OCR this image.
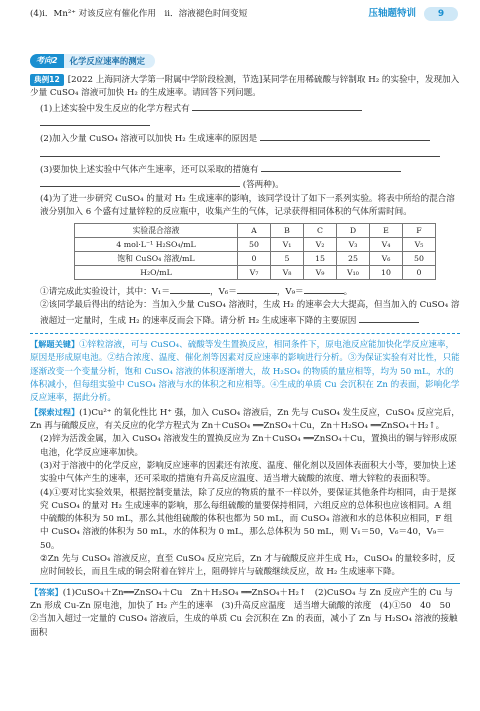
(4)ⅰ．Mn²⁺ 对该反应有催化作用　ⅱ．溶液褪色时间变短	压轴题特训	9
考向2	化学反应速率的测定

典例12 [2022 上海同济大学第一附属中学阶段检测，节选]某同学在用稀硫酸与锌制取 H₂ 的实验中，发现加入少量 CuSO₄ 溶液可加快 H₂ 的生成速率。请回答下列问题。

(1)上述实验中发生反应的化学方程式有

(2)加入少量 CuSO₄ 溶液可以加快 H₂ 生成速率的原因是

(3)要加快上述实验中气体产生速率，还可以采取的措施有
(答两种)。

(4)为了进一步研究 CuSO₄ 的量对 H₂ 生成速率的影响，该同学设计了如下一系列实验。将表中所给的混合溶液分别加入 6 个盛有过量锌粒的反应瓶中，收集产生的气体，记录获得相同体积的气体所需时间。

实验混合溶液	A	B	C	D	E	F
4 mol·L⁻¹ H₂SO₄/mL	50	V₁	V₂	V₃	V₄	V₅
饱和 CuSO₄ 溶液/mL	0	5	15	25	V₆	50
H₂O/mL	V₇	V₈	V₉	V₁₀	10	0

①请完成此实验设计，其中：V₁＝	，V₆＝	，V₉＝	。

②该同学最后得出的结论为：当加入少量 CuSO₄ 溶液时，生成 H₂ 的速率会大大提高，但当加入的 CuSO₄ 溶液超过一定量时，生成 H₂ 的速率反而会下降。请分析 H₂ 生成速率下降的主要原因

【解题关键】①锌粒溶液，可与 CuSO₄、硫酸等发生置换反应，相同条件下，原电池反应能加快化学反应速率，原因是形成原电池。②结合浓度、温度、催化剂等因素对反应速率的影响进行分析。③为保证实验有对比性，只能逐渐改变一个变量分析，饱和 CuSO₄ 溶液的体积逐渐增大，故 H₂SO₄ 的物质的量应相等，均为 50 mL，水的体积减小，但每组实验中 CuSO₄ 溶液与水的体积之和应相等。④生成的单质 Cu 会沉积在 Zn 的表面，影响化学反应速率，据此分析。

【探索过程】(1)Cu²⁺ 的氧化性比 H⁺ 强，加入 CuSO₄ 溶液后，Zn 先与 CuSO₄ 发生反应，CuSO₄ 反应完后，Zn 再与硫酸反应，有关反应的化学方程式为 Zn＋CuSO₄ ══ZnSO₄＋Cu，Zn＋H₂SO₄ ══ZnSO₄＋H₂↑。

(2)锌为活泼金属，加入 CuSO₄ 溶液发生的置换反应为 Zn＋CuSO₄ ══ZnSO₄＋Cu，置换出的铜与锌形成原电池，化学反应速率加快。

(3)对于溶液中的化学反应，影响反应速率的因素还有浓度、温度、催化剂以及固体表面积大小等，要加快上述实验中气体产生的速率，还可采取的措施有升高反应温度、适当增大硫酸的浓度、增大锌粒的表面积等。

(4)①要对比实验效果，根据控制变量法，除了反应的物质的量不一样以外，要保证其他条件均相同，由于是探究 CuSO₄ 的量对 H₂ 生成速率的影响，那么每组硫酸的量要保持相同，六组反应的总体积也应该相同。A 组中硫酸的体积为 50 mL，那么其他组硫酸的体积也都为 50 mL，而 CuSO₄ 溶液和水的总体积应相同，F 组中 CuSO₄ 溶液的体积为 50 mL，水的体积为 0 mL，那么总体积为 50 mL，则 V₁＝50，V₆＝40，V₉＝50。

②Zn 先与 CuSO₄ 溶液反应，直至 CuSO₄ 反应完后，Zn 才与硫酸反应并生成 H₂，CuSO₄ 的量较多时，反应时间较长，而且生成的铜会附着在锌片上，阻碍锌片与硫酸继续反应，故 H₂ 生成速率下降。

【答案】(1)CuSO₄＋Zn══ZnSO₄＋Cu　Zn＋H₂SO₄ ══ZnSO₄＋H₂↑　(2)CuSO₄ 与 Zn 反应产生的 Cu 与 Zn 形成 Cu-Zn 原电池，加快了 H₂ 产生的速率　(3)升高反应温度　适当增大硫酸的浓度　(4)①50　40　50　②当加入超过一定量的 CuSO₄ 溶液后，生成的单质 Cu 会沉积在 Zn 的表面，减小了 Zn 与 H₂SO₄ 溶液的接触面积
